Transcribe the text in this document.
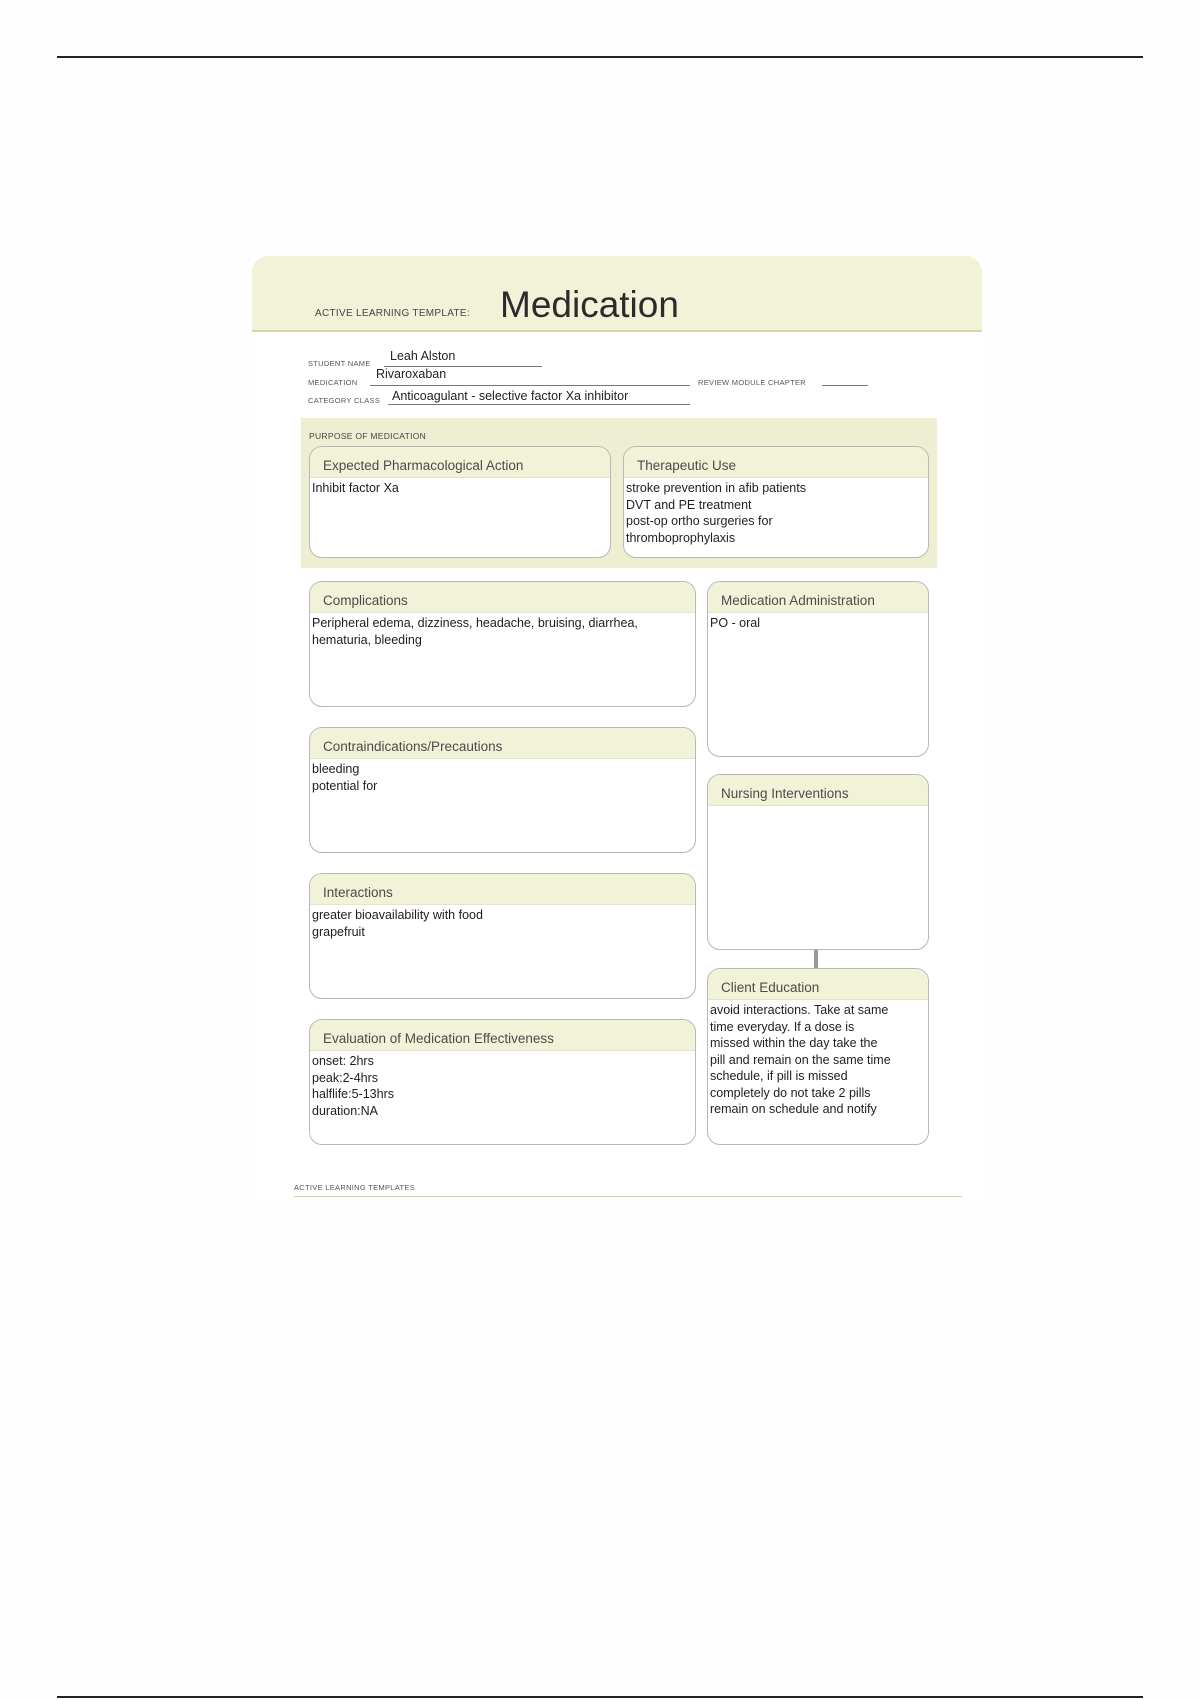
ACTIVE LEARNING TEMPLATE: Medication
STUDENT NAME
Leah Alston
MEDICATION
Rivaroxaban
REVIEW MODULE CHAPTER
CATEGORY CLASS Anticoagulant - selective factor Xa inhibitor
PURPOSE OF MEDICATION
Expected Pharmacological Action
Inhibit factor Xa
Therapeutic Use
stroke prevention in afib patients
DVT and PE treatment
post-op ortho surgeries for
thromboprophylaxis
Complications
Peripheral edema, dizziness, headache, bruising, diarrhea,
hematuria, bleeding
Contraindications/Precautions
bleeding
potential for
Interactions
greater bioavailability with food
grapefruit
Evaluation of Medication Effectiveness
onset: 2hrs
peak:2-4hrs
halflife:5-13hrs
duration:NA
Medication Administration
PO - oral
Nursing Interventions
Client Education
avoid interactions. Take at same
time everyday. If a dose is
missed within the day take the
pill and remain on the same time
schedule, if pill is missed
completely do not take 2 pills
remain on schedule and notify
ACTIVE LEARNING TEMPLATES
